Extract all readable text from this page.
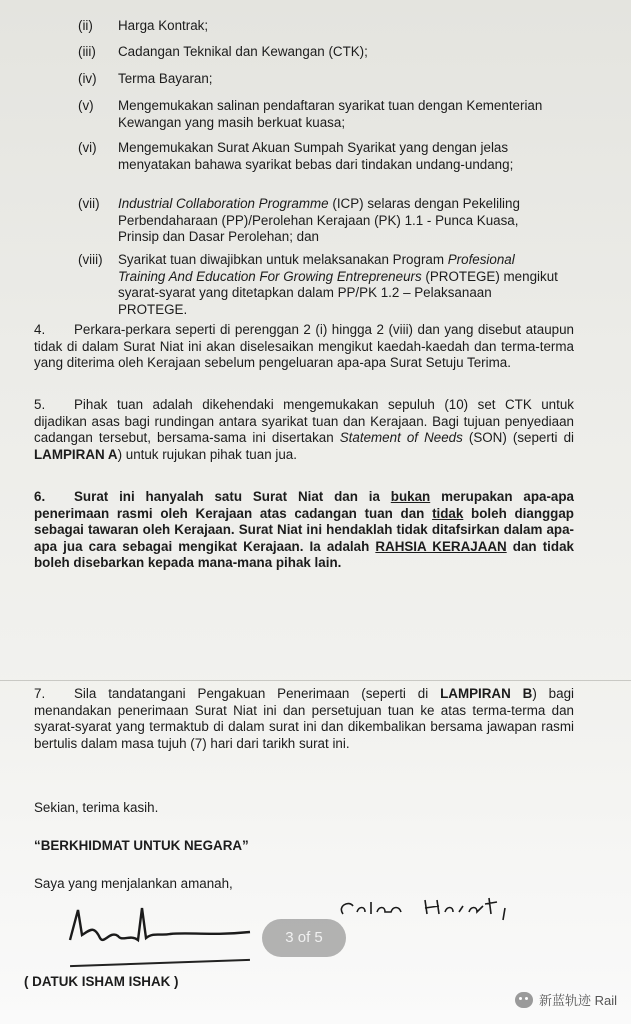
(ii)	Harga Kontrak;
(iii)	Cadangan Teknikal dan Kewangan (CTK);
(iv)	Terma Bayaran;
(v)	Mengemukakan salinan pendaftaran syarikat tuan dengan Kementerian Kewangan yang masih berkuat kuasa;
(vi)	Mengemukakan Surat Akuan Sumpah Syarikat yang dengan jelas menyatakan bahawa syarikat bebas dari tindakan undang-undang;
(vii)	Industrial Collaboration Programme (ICP) selaras dengan Pekeliling Perbendaharaan (PP)/Perolehan Kerajaan (PK) 1.1 - Punca Kuasa, Prinsip dan Dasar Perolehan; dan
(viii)	Syarikat tuan diwajibkan untuk melaksanakan Program Profesional Training And Education For Growing Entrepreneurs (PROTEGE) mengikut syarat-syarat yang ditetapkan dalam PP/PK 1.2 – Pelaksanaan PROTEGE.
4. Perkara-perkara seperti di perenggan 2 (i) hingga 2 (viii) dan yang disebut ataupun tidak di dalam Surat Niat ini akan diselesaikan mengikut kaedah-kaedah dan terma-terma yang diterima oleh Kerajaan sebelum pengeluaran apa-apa Surat Setuju Terima.
5. Pihak tuan adalah dikehendaki mengemukakan sepuluh (10) set CTK untuk dijadikan asas bagi rundingan antara syarikat tuan dan Kerajaan. Bagi tujuan penyediaan cadangan tersebut, bersama-sama ini disertakan Statement of Needs (SON) (seperti di LAMPIRAN A) untuk rujukan pihak tuan jua.
6. Surat ini hanyalah satu Surat Niat dan ia bukan merupakan apa-apa penerimaan rasmi oleh Kerajaan atas cadangan tuan dan tidak boleh dianggap sebagai tawaran oleh Kerajaan. Surat Niat ini hendaklah tidak ditafsirkan dalam apa-apa jua cara sebagai mengikat Kerajaan. Ia adalah RAHSIA KERAJAAN dan tidak boleh disebarkan kepada mana-mana pihak lain.
7. Sila tandatangani Pengakuan Penerimaan (seperti di LAMPIRAN B) bagi menandakan penerimaan Surat Niat ini dan persetujuan tuan ke atas terma-terma dan syarat-syarat yang termaktub di dalam surat ini dan dikembalikan bersama jawapan rasmi bertulis dalam masa tujuh (7) hari dari tarikh surat ini.
Sekian, terima kasih.
“BERKHIDMAT UNTUK NEGARA”
Saya yang menjalankan amanah,
3 of 5
( DATUK ISHAM ISHAK )
新蓝轨迹 Rail
